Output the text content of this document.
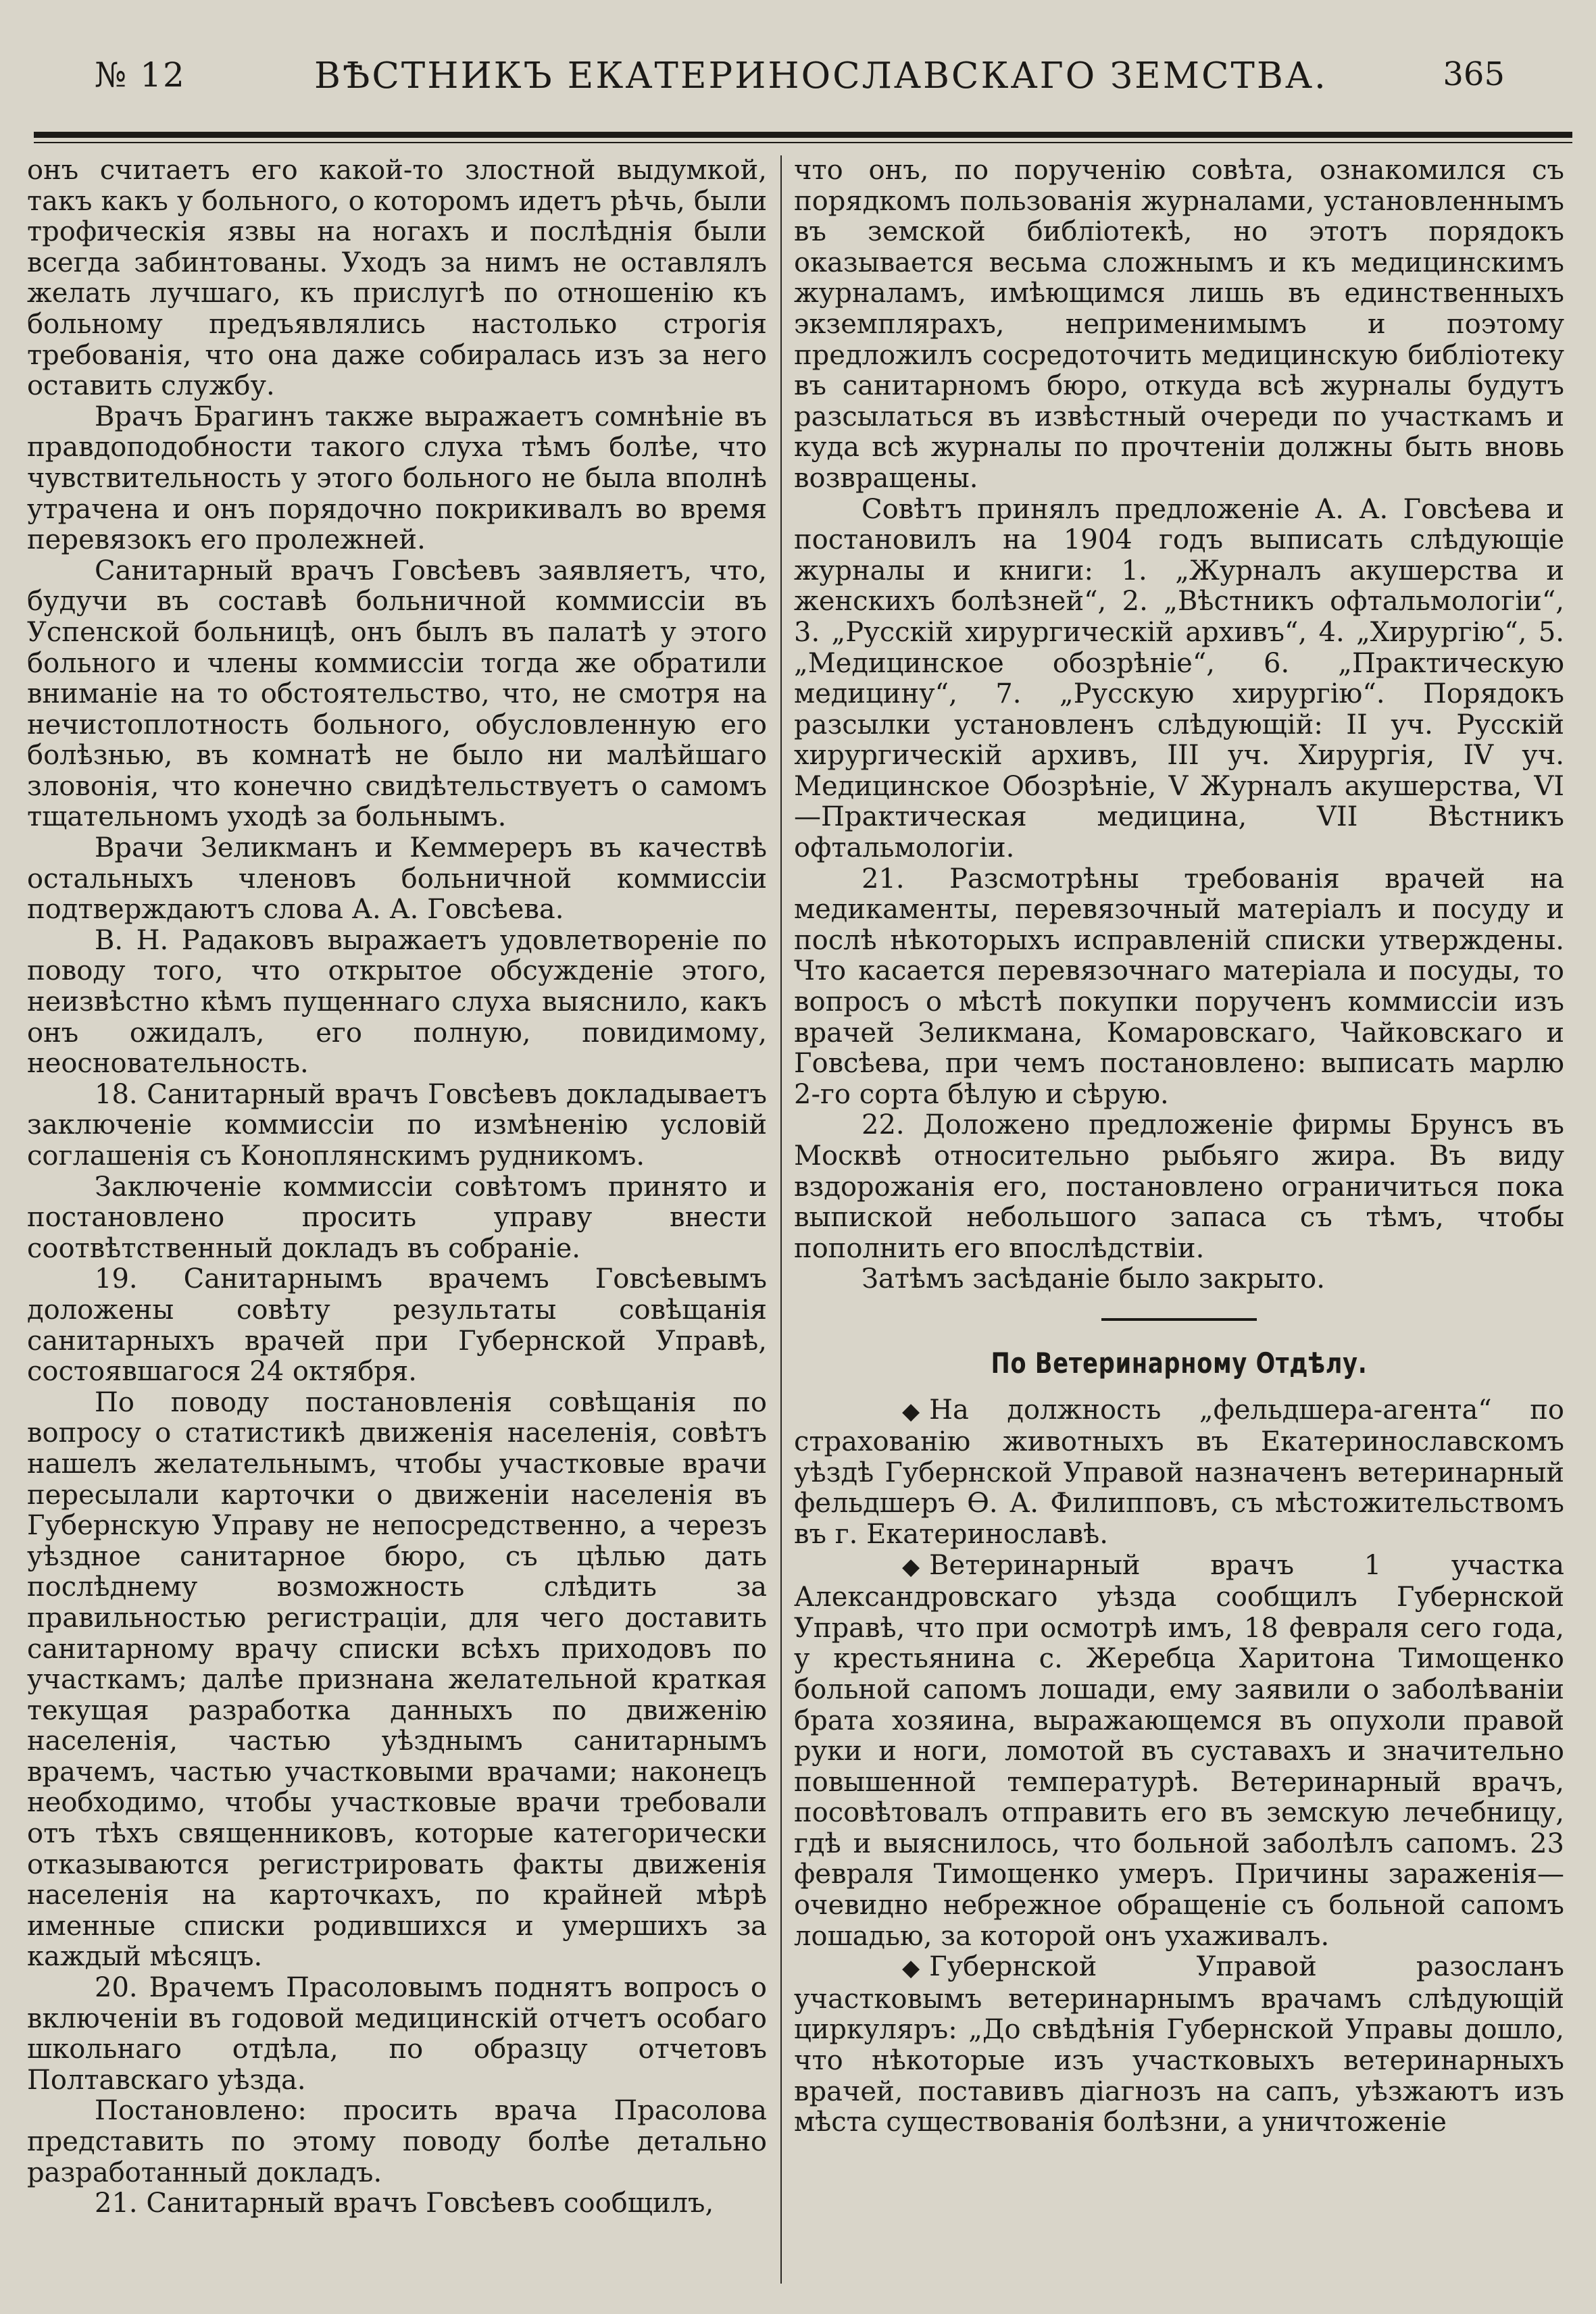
№ 12	ВѢСТНИКЪ ЕКАТЕРИНОСЛАВСКАГО ЗЕМСТВА.	365

онъ считаетъ его какой-то злостной выдумкой, такъ какъ у больного, о которомъ идетъ рѣчь, были трофическія язвы на ногахъ и послѣднія были всегда забинтованы. Уходъ за нимъ не оставлялъ желать лучшаго, къ прислугѣ по отношенію къ больному предъявлялись настолько строгія требованія, что она даже собиралась изъ за него оставить службу.

Врачъ Брагинъ также выражаетъ сомнѣніе въ правдоподобности такого слуха тѣмъ болѣе, что чувствительность у этого больного не была вполнѣ утрачена и онъ порядочно покрикивалъ во время перевязокъ его пролежней.

Санитарный врачъ Говсѣевъ заявляетъ, что, будучи въ составѣ больничной коммиссіи въ Успенской больницѣ, онъ былъ въ палатѣ у этого больного и члены коммиссіи тогда же обратили вниманіе на то обстоятельство, что, не смотря на нечистоплотность больного, обусловленную его болѣзнью, въ комнатѣ не было ни малѣйшаго зловонія, что конечно свидѣтельствуетъ о самомъ тщательномъ уходѣ за больнымъ.

Врачи Зеликманъ и Кеммереръ въ качествѣ остальныхъ членовъ больничной коммиссіи подтверждаютъ слова А. А. Говсѣева.

В. Н. Радаковъ выражаетъ удовлетвореніе по поводу того, что открытое обсужденіе этого, неизвѣстно кѣмъ пущеннаго слуха выяснило, какъ онъ ожидалъ, его полную, повидимому, неосновательность.

18. Санитарный врачъ Говсѣевъ докладываетъ заключеніе коммиссіи по измѣненію условій соглашенія съ Коноплянскимъ рудникомъ.

Заключеніе коммиссіи совѣтомъ принято и постановлено просить управу внести соотвѣтственный докладъ въ собраніе.

19. Санитарнымъ врачемъ Говсѣевымъ доложены совѣту результаты совѣщанія санитарныхъ врачей при Губернской Управѣ, состоявшагося 24 октября.

По поводу постановленія совѣщанія по вопросу о статистикѣ движенія населенія, совѣтъ нашелъ желательнымъ, чтобы участковые врачи пересылали карточки о движеніи населенія въ Губернскую Управу не непосредственно, а черезъ уѣздное санитарное бюро, съ цѣлью дать послѣднему возможность слѣдить за правильностью регистраціи, для чего доставить санитарному врачу списки всѣхъ приходовъ по участкамъ; далѣе признана желательной краткая текущая разработка данныхъ по движенію населенія, частью уѣзднымъ санитарнымъ врачемъ, частью участковыми врачами; наконецъ необходимо, чтобы участковые врачи требовали отъ тѣхъ священниковъ, которые категорически отказываются регистрировать факты движенія населенія на карточкахъ, по крайней мѣрѣ именные списки родившихся и умершихъ за каждый мѣсяцъ.

20. Врачемъ Прасоловымъ поднятъ вопросъ о включеніи въ годовой медицинскій отчетъ особаго школьнаго отдѣла, по образцу отчетовъ Полтавскаго уѣзда.

Постановлено: просить врача Прасолова представить по этому поводу болѣе детально разработанный докладъ.

21. Санитарный врачъ Говсѣевъ сообщилъ,

что онъ, по порученію совѣта, ознакомился съ порядкомъ пользованія журналами, установленнымъ въ земской библіотекѣ, но этотъ порядокъ оказывается весьма сложнымъ и къ медицинскимъ журналамъ, имѣющимся лишь въ единственныхъ экземплярахъ, неприменимымъ и поэтому предложилъ сосредоточить медицинскую библіотеку въ санитарномъ бюро, откуда всѣ журналы будутъ разсылаться въ извѣстный очереди по участкамъ и куда всѣ журналы по прочтеніи должны быть вновь возвращены.

Совѣтъ принялъ предложеніе А. А. Говсѣева и постановилъ на 1904 годъ выписать слѣдующіе журналы и книги: 1. „Журналъ акушерства и женскихъ болѣзней“, 2. „Вѣстникъ офтальмологіи“, 3. „Русскій хирургическій архивъ“, 4. „Хирургію“, 5. „Медицинское обозрѣніе“, 6. „Практическую медицину“, 7. „Русскую хирургію“. Порядокъ разсылки установленъ слѣдующій: II уч. Русскій хирургическій архивъ, III уч. Хирургія, IV уч. Медицинское Обозрѣніе, V Журналъ акушерства, VI—Практическая медицина, VII Вѣстникъ офтальмологіи.

21. Разсмотрѣны требованія врачей на медикаменты, перевязочный матеріалъ и посуду и послѣ нѣкоторыхъ исправленій списки утверждены. Что касается перевязочнаго матеріала и посуды, то вопросъ о мѣстѣ покупки порученъ коммиссіи изъ врачей Зеликмана, Комаровскаго, Чайковскаго и Говсѣева, при чемъ постановлено: выписать марлю 2-го сорта бѣлую и сѣрую.

22. Доложено предложеніе фирмы Брунсъ въ Москвѣ относительно рыбьяго жира. Въ виду вздорожанія его, постановлено ограничиться пока выпиской небольшого запаса съ тѣмъ, чтобы пополнить его впослѣдствіи.

Затѣмъ засѣданіе было закрыто.

По Ветеринарному Отдѣлу.

◆ На должность „фельдшера-агента“ по страхованію животныхъ въ Екатеринославскомъ уѣздѣ Губернской Управой назначенъ ветеринарный фельдшеръ Ѳ. А. Филипповъ, съ мѣстожительствомъ въ г. Екатеринославѣ.

◆ Ветеринарный врачъ 1 участка Александровскаго уѣзда сообщилъ Губернской Управѣ, что при осмотрѣ имъ, 18 февраля сего года, у крестьянина с. Жеребца Харитона Тимощенко больной сапомъ лошади, ему заявили о заболѣваніи брата хозяина, выражающемся въ опухоли правой руки и ноги, ломотой въ суставахъ и значительно повышенной температурѣ. Ветеринарный врачъ, посовѣтовалъ отправить его въ земскую лечебницу, гдѣ и выяснилось, что больной заболѣлъ сапомъ. 23 февраля Тимощенко умеръ. Причины зараженія—очевидно небрежное обращеніе съ больной сапомъ лошадью, за которой онъ ухаживалъ.

◆ Губернской Управой разосланъ участковымъ ветеринарнымъ врачамъ слѣдующій циркуляръ: „До свѣдѣнія Губернской Управы дошло, что нѣкоторые изъ участковыхъ ветеринарныхъ врачей, поставивъ діагнозъ на сапъ, уѣзжаютъ изъ мѣста существованія болѣзни, а уничтоженіе
